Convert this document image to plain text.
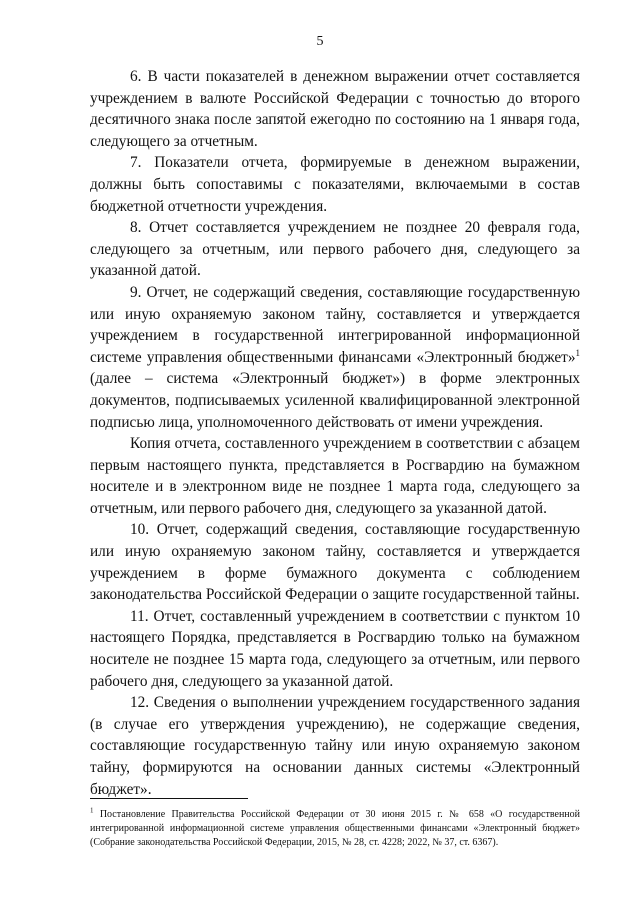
5

6. В части показателей в денежном выражении отчет составляется учреждением в валюте Российской Федерации с точностью до второго десятичного знака после запятой ежегодно по состоянию на 1 января года, следующего за отчетным.

7. Показатели отчета, формируемые в денежном выражении, должны быть сопоставимы с показателями, включаемыми в состав бюджетной отчетности учреждения.

8. Отчет составляется учреждением не позднее 20 февраля года, следующего за отчетным, или первого рабочего дня, следующего за указанной датой.

9. Отчет, не содержащий сведения, составляющие государственную или иную охраняемую законом тайну, составляется и утверждается учреждением в государственной интегрированной информационной системе управления общественными финансами «Электронный бюджет»$^1$ (далее – система «Электронный бюджет») в форме электронных документов, подписываемых усиленной квалифицированной электронной подписью лица, уполномоченного действовать от имени учреждения.

Копия отчета, составленного учреждением в соответствии с абзацем первым настоящего пункта, представляется в Росгвардию на бумажном носителе и в электронном виде не позднее 1 марта года, следующего за отчетным, или первого рабочего дня, следующего за указанной датой.

10. Отчет, содержащий сведения, составляющие государственную или иную охраняемую законом тайну, составляется и утверждается учреждением в форме бумажного документа с соблюдением законодательства Российской Федерации о защите государственной тайны.

11. Отчет, составленный учреждением в соответствии с пунктом 10 настоящего Порядка, представляется в Росгвардию только на бумажном носителе не позднее 15 марта года, следующего за отчетным, или первого рабочего дня, следующего за указанной датой.

12. Сведения о выполнении учреждением государственного задания (в случае его утверждения учреждению), не содержащие сведения, составляющие государственную тайну или иную охраняемую законом тайну, формируются на основании данных системы «Электронный бюджет».

$^1$ Постановление Правительства Российской Федерации от 30 июня 2015 г. № 658 «О государственной интегрированной информационной системе управления общественными финансами «Электронный бюджет» (Собрание законодательства Российской Федерации, 2015, № 28, ст. 4228; 2022, № 37, ст. 6367).
